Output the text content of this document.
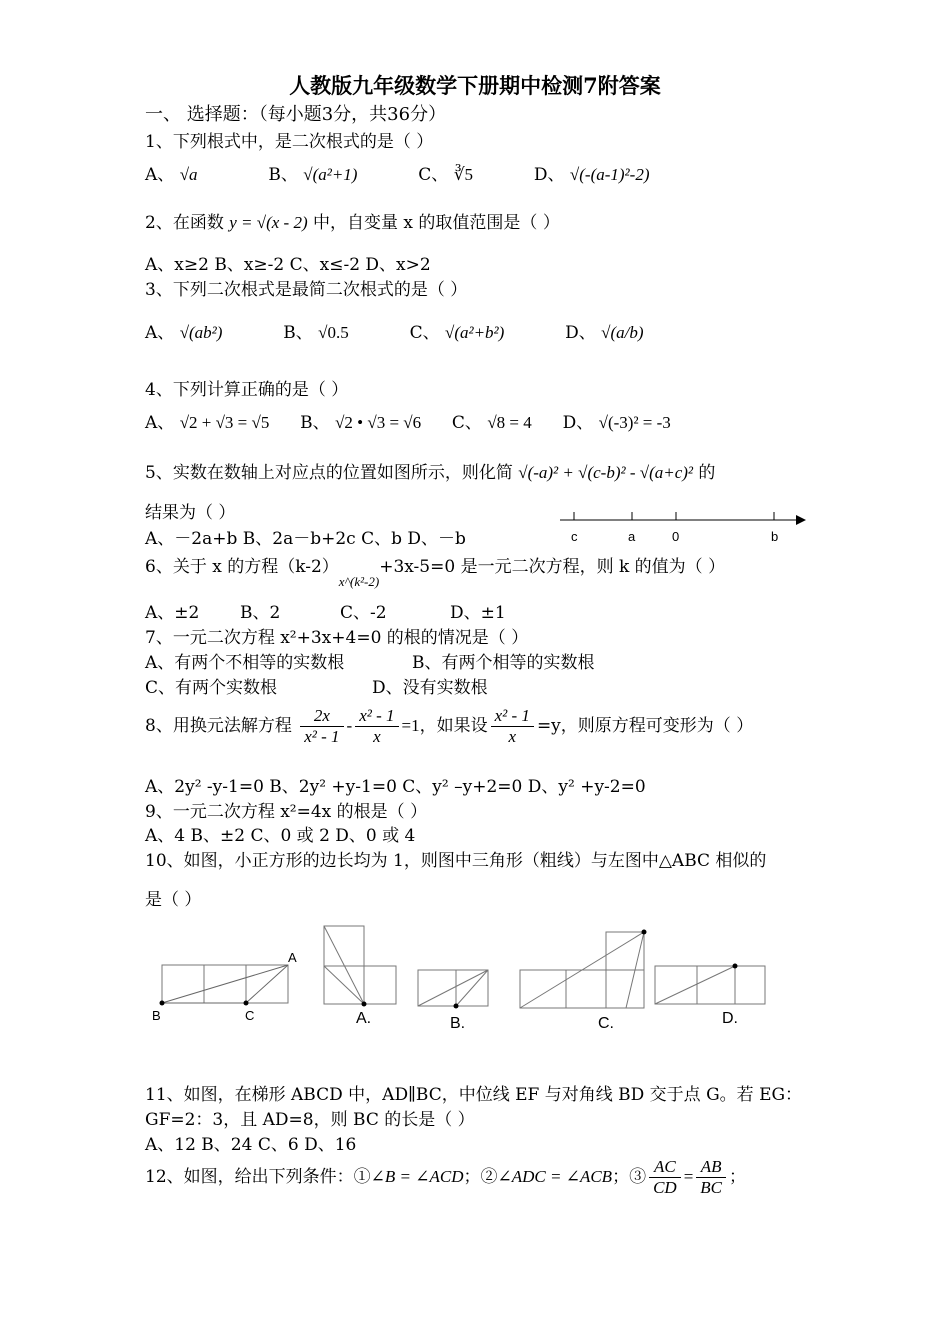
人教版九年级数学下册期中检测7附答案
一、 选择题：（每小题3分，共36分）
1、下列根式中，是二次根式的是（ ）
A、 √a	B、 √(a²+1)	C、 ∛5	D、 √(-(a-1)²-2)
2、在函数 y = √(x - 2) 中，自变量 x 的取值范围是（ ）
A、x≥2 B、x≥-2 C、x≤-2 D、x>2
3、下列二次根式是最简二次根式的是（ ）
A、 √(ab²)	B、 √0.5	C、 √(a²+b²)	D、 √(a/b)
4、下列计算正确的是（ ）
A、 √2 + √3 = √5 B、 √2 • √3 = √6 C、 √8 = 4 D、 √(-3)² = -3
5、实数在数轴上对应点的位置如图所示，则化简 √(-a)² + √(c-b)² - √(a+c)² 的
结果为（ ）
A、－2a+b B、2a－b+2c C、b D、－b	c	a	0	b
6、关于 x 的方程$(k-2)_{x\^{}(k^2-2)}+3x-5=0$ 是一元二次方程，则 k 的值为（ ）
A、±2 B、2	C、-2	D、±1
7、一元二次方程 x²+3x+4=0 的根的情况是（ ）
A、有两个不相等的实数根	B、有两个相等的实数根
C、有两个实数根	D、没有实数根
8、用换元法解方程 $\frac{2x}{\text{x² - 1}} - \frac{\text{x² - 1}}{x} =1$，如果设 $\frac{\text{x² - 1}}{x} =y$，则原方程可变形为（ ）
A、2y² -y-1=0 B、2y² +y-1=0 C、y² –y+2=0 D、y² +y-2=0
9、一元二次方程 x²=4x 的根是（ ）
A、4 B、±2 C、0 或 2 D、0 或 4
10、如图，小正方形的边长均为 1，则图中三角形（粗线）与左图中△ABC 相似的
是（ ）
A
B	C	A.	B.	C.	D.
11、如图，在梯形 ABCD 中，AD∥BC，中位线 EF 与对角线 BD 交于点 G。若 EG：
GF=2：3，且 AD=8，则 BC 的长是（ ）
A、12 B、24 C、6 D、16
12、如图，给出下列条件：①∠B = ∠ACD；②∠ADC = ∠ACB；③ $\frac{AC}{CD} = \frac{AB}{BC}$ ；
